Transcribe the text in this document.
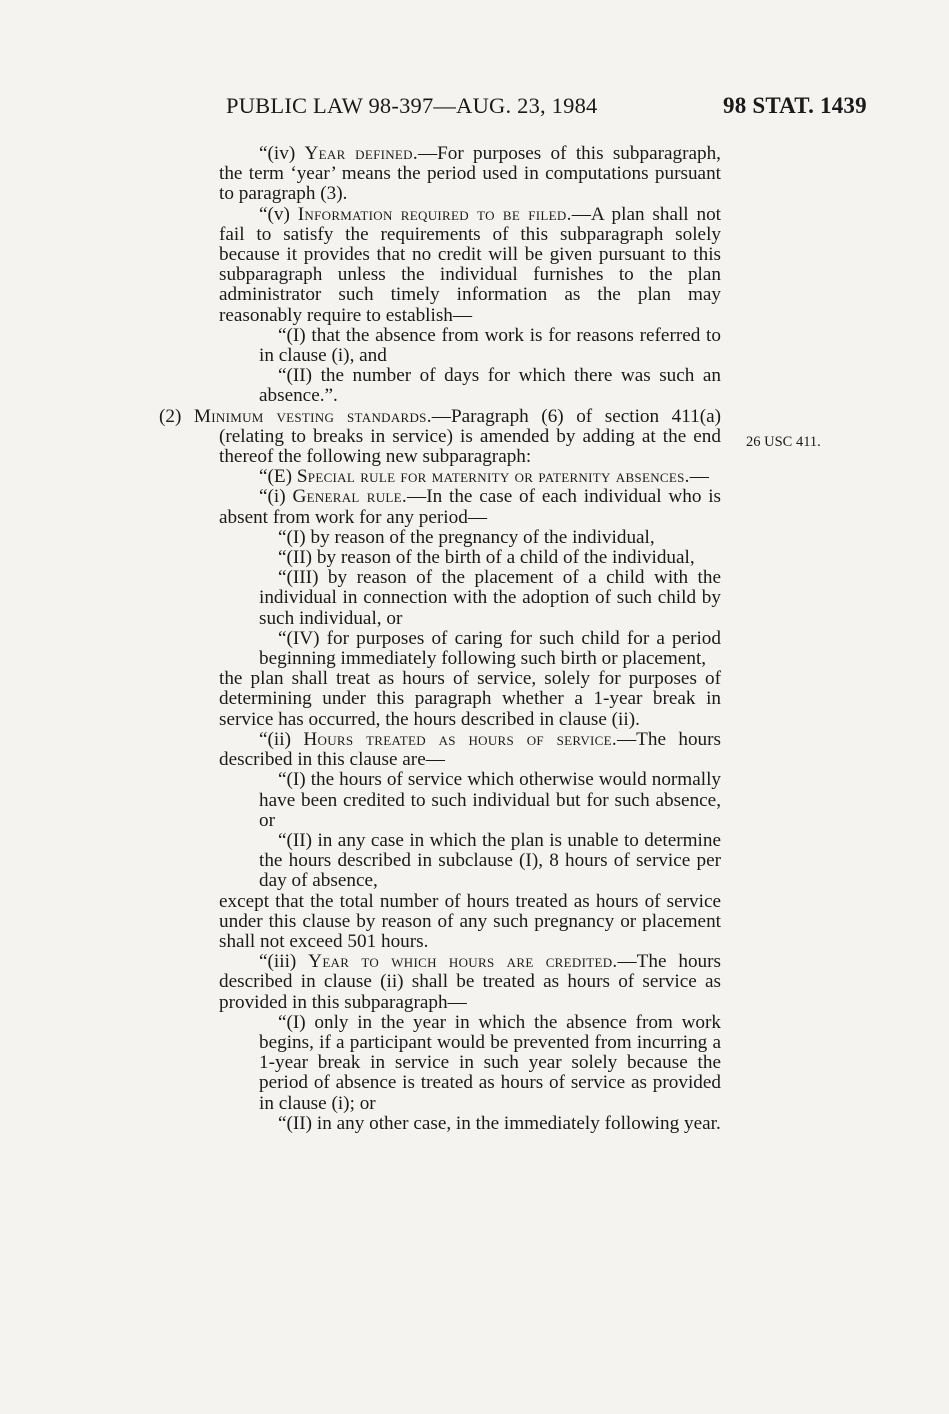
PUBLIC LAW 98-397—AUG. 23, 1984	98 STAT. 1439
26 USC 411.

“(iv) Year defined.—For purposes of this subparagraph, the term ‘year’ means the period used in computations pursuant to paragraph (3).

“(v) Information required to be filed.—A plan shall not fail to satisfy the requirements of this subparagraph solely because it provides that no credit will be given pursuant to this subparagraph unless the individual furnishes to the plan administrator such timely information as the plan may reasonably require to establish—

“(I) that the absence from work is for reasons referred to in clause (i), and

“(II) the number of days for which there was such an absence.”.

(2) Minimum vesting standards.—Paragraph (6) of section 411(a) (relating to breaks in service) is amended by adding at the end thereof the following new subparagraph:

“(E) Special rule for maternity or paternity absences.—

“(i) General rule.—In the case of each individual who is absent from work for any period—

“(I) by reason of the pregnancy of the individual,

“(II) by reason of the birth of a child of the individual,

“(III) by reason of the placement of a child with the individual in connection with the adoption of such child by such individual, or

“(IV) for purposes of caring for such child for a period beginning immediately following such birth or placement,

the plan shall treat as hours of service, solely for purposes of determining under this paragraph whether a 1-year break in service has occurred, the hours described in clause (ii).

“(ii) Hours treated as hours of service.—The hours described in this clause are—

“(I) the hours of service which otherwise would normally have been credited to such individual but for such absence, or

“(II) in any case in which the plan is unable to determine the hours described in subclause (I), 8 hours of service per day of absence,

except that the total number of hours treated as hours of service under this clause by reason of any such pregnancy or placement shall not exceed 501 hours.

“(iii) Year to which hours are credited.—The hours described in clause (ii) shall be treated as hours of service as provided in this subparagraph—

“(I) only in the year in which the absence from work begins, if a participant would be prevented from incurring a 1-year break in service in such year solely because the period of absence is treated as hours of service as provided in clause (i); or

“(II) in any other case, in the immediately following year.
